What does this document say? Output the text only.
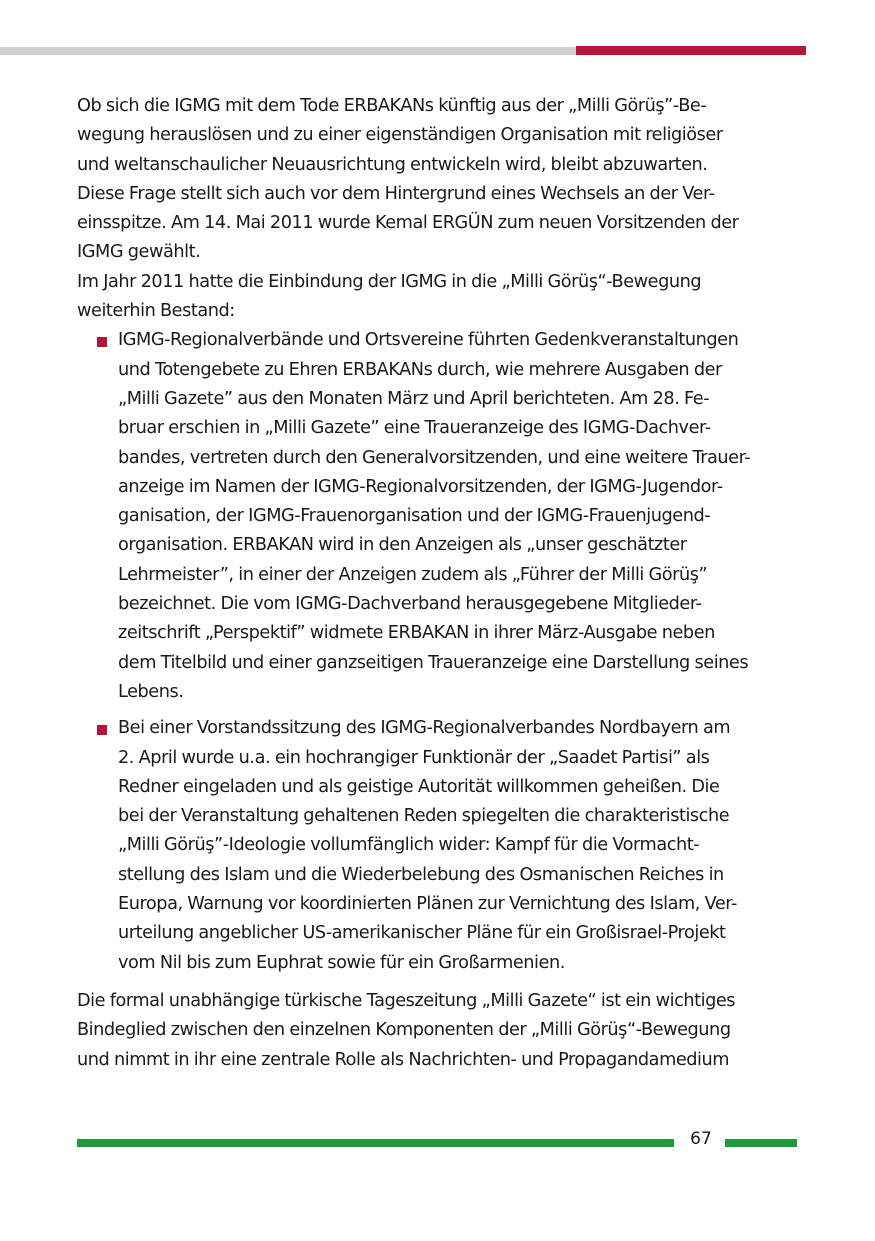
Ob sich die IGMG mit dem Tode ERBAKANs künftig aus der „Milli Görüş”-Be-
wegung herauslösen und zu einer eigenständigen Organisation mit religiöser
und weltanschaulicher Neuausrichtung entwickeln wird, bleibt abzuwarten.
Diese Frage stellt sich auch vor dem Hintergrund eines Wechsels an der Ver-
einsspitze. Am 14. Mai 2011 wurde Kemal ERGÜN zum neuen Vorsitzenden der
IGMG gewählt.
Im Jahr 2011 hatte die Einbindung der IGMG in die „Milli Görüş“-Bewegung
weiterhin Bestand:
IGMG-Regionalverbände und Ortsvereine führten Gedenkveranstaltungen
und Totengebete zu Ehren ERBAKANs durch, wie mehrere Ausgaben der
„Milli Gazete” aus den Monaten März und April berichteten. Am 28. Fe-
bruar erschien in „Milli Gazete” eine Traueranzeige des IGMG-Dachver-
bandes, vertreten durch den Generalvorsitzenden, und eine weitere Trauer-
anzeige im Namen der IGMG-Regionalvorsitzenden, der IGMG-Jugendor-
ganisation, der IGMG-Frauenorganisation und der IGMG-Frauenjugend-
organisation. ERBAKAN wird in den Anzeigen als „unser geschätzter
Lehrmeister”, in einer der Anzeigen zudem als „Führer der Milli Görüş”
bezeichnet. Die vom IGMG-Dachverband herausgegebene Mitglieder-
zeitschrift „Perspektif” widmete ERBAKAN in ihrer März-Ausgabe neben
dem Titelbild und einer ganzseitigen Traueranzeige eine Darstellung seines
Lebens.
Bei einer Vorstandssitzung des IGMG-Regionalverbandes Nordbayern am
2. April wurde u.a. ein hochrangiger Funktionär der „Saadet Partisi” als
Redner eingeladen und als geistige Autorität willkommen geheißen. Die
bei der Veranstaltung gehaltenen Reden spiegelten die charakteristische
„Milli Görüş”-Ideologie vollumfänglich wider: Kampf für die Vormacht-
stellung des Islam und die Wiederbelebung des Osmanischen Reiches in
Europa, Warnung vor koordinierten Plänen zur Vernichtung des Islam, Ver-
urteilung angeblicher US-amerikanischer Pläne für ein Großisrael-Projekt
vom Nil bis zum Euphrat sowie für ein Großarmenien.
Die formal unabhängige türkische Tageszeitung „Milli Gazete“ ist ein wichtiges
Bindeglied zwischen den einzelnen Komponenten der „Milli Görüş“-Bewegung
und nimmt in ihr eine zentrale Rolle als Nachrichten- und Propagandamedium
67
